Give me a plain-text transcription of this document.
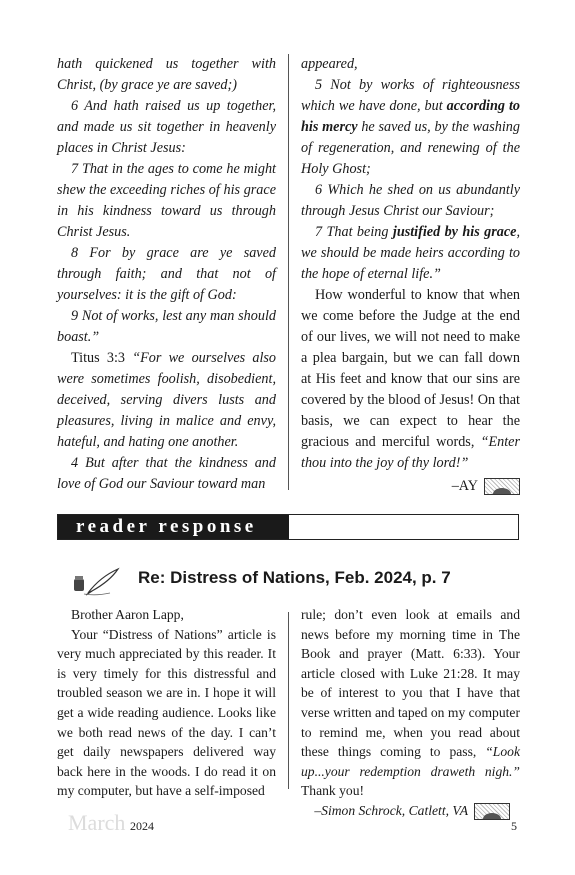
hath quickened us together with Christ, (by grace ye are saved;)

6 And hath raised us up together, and made us sit together in heavenly places in Christ Jesus:

7 That in the ages to come he might shew the exceeding riches of his grace in his kindness toward us through Christ Jesus.

8 For by grace are ye saved through faith; and that not of yourselves: it is the gift of God:

9 Not of works, lest any man should boast.”

Titus 3:3 “For we ourselves also were sometimes foolish, disobedient, deceived, serving divers lusts and pleasures, living in malice and envy, hateful, and hating one another.

4 But after that the kindness and love of God our Saviour toward man

appeared,

5 Not by works of righteousness which we have done, but according to his mercy he saved us, by the washing of regeneration, and renewing of the Holy Ghost;

6 Which he shed on us abundantly through Jesus Christ our Saviour;

7 That being justified by his grace, we should be made heirs according to the hope of eternal life.”

How wonderful to know that when we come before the Judge at the end of our lives, we will not need to make a plea bargain, but we can fall down at His feet and know that our sins are covered by the blood of Jesus! On that basis, we can expect to hear the gracious and merciful words, “Enter thou into the joy of thy lord!”

–AY
reader response
Re: Distress of Nations, Feb. 2024, p. 7

Brother Aaron Lapp,

Your “Distress of Nations” article is very much appreciated by this reader. It is very timely for this distressful and troubled season we are in. I hope it will get a wide reading audience. Looks like we both read news of the day. I can’t get daily newspapers delivered way back here in the woods. I do read it on my computer, but have a self-imposed

rule; don’t even look at emails and news before my morning time in The Book and prayer (Matt. 6:33). Your article closed with Luke 21:28. It may be of interest to you that I have that verse written and taped on my computer to remind me, when you read about these things coming to pass, “Look up...your redemption draweth nigh.” Thank you!

–Simon Schrock, Catlett, VA
March 2024	5
